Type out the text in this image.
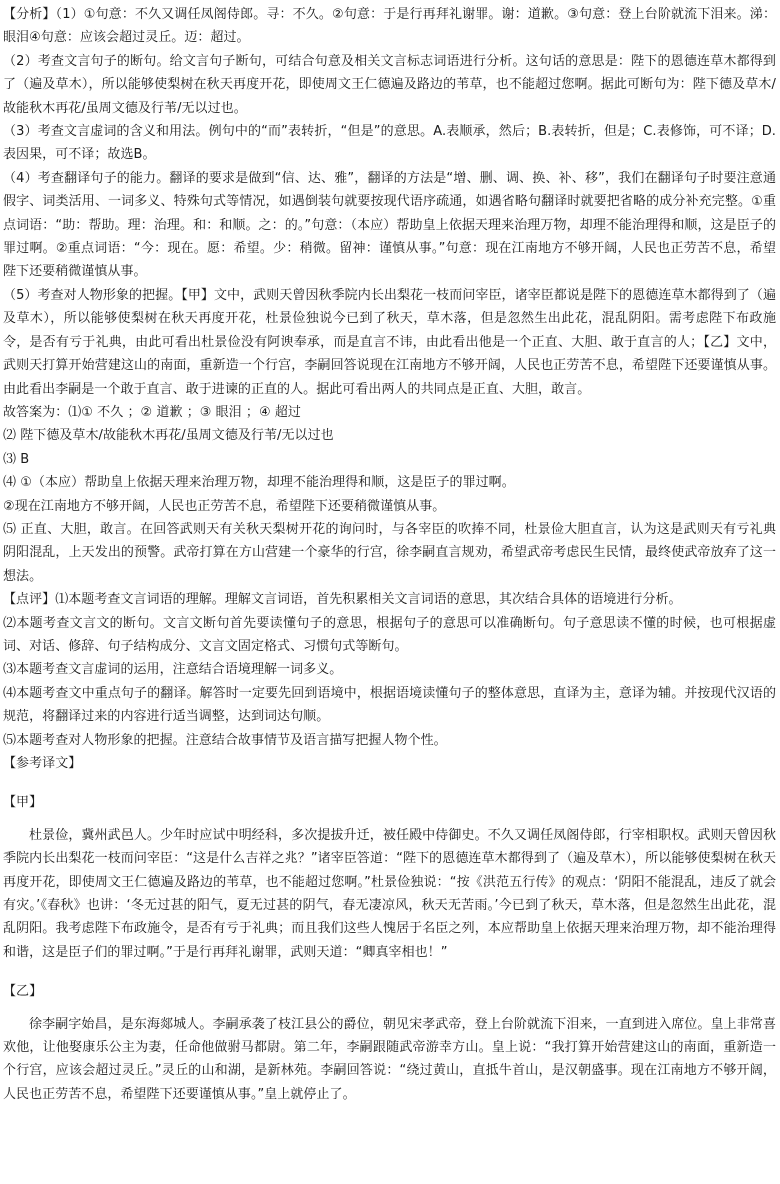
【分析】（1）①句意：不久又调任凤阁侍郎。寻：不久。②句意：于是行再拜礼谢罪。谢：道歉。③句意：登上台阶就流下泪来。涕：眼泪④句意：应该会超过灵丘。迈：超过。

（2）考查文言句子的断句。给文言句子断句，可结合句意及相关文言标志词语进行分析。这句话的意思是：陛下的恩德连草木都得到了（遍及草木），所以能够使梨树在秋天再度开花，即使周文王仁德遍及路边的苇草，也不能超过您啊。据此可断句为：陛下德及草木/故能秋木再花/虽周文德及行苇/无以过也。

（3）考查文言虚词的含义和用法。例句中的“而”表转折，“但是”的意思。A.表顺承，然后；B.表转折，但是；C.表修饰，可不译；D.表因果，可不译；故选B。

（4）考查翻译句子的能力。翻译的要求是做到“信、达、雅”，翻译的方法是“增、删、调、换、补、移”，我们在翻译句子时要注意通假字、词类活用、一词多义、特殊句式等情况，如遇倒装句就要按现代语序疏通，如遇省略句翻译时就要把省略的成分补充完整。①重点词语：“助：帮助。理：治理。和：和顺。之：的。”句意：（本应）帮助皇上依据天理来治理万物，却理不能治理得和顺，这是臣子的罪过啊。②重点词语：“今：现在。愿：希望。少：稍微。留神：谨慎从事。”句意：现在江南地方不够开阔，人民也正劳苦不息，希望陛下还要稍微谨慎从事。

（5）考查对人物形象的把握。【甲】文中，武则天曾因秋季院内长出梨花一枝而问宰臣，诸宰臣都说是陛下的恩德连草木都得到了（遍及草木），所以能够使梨树在秋天再度开花，杜景俭独说今已到了秋天，草木落，但是忽然生出此花，混乱阴阳。需考虑陛下布政施令，是否有亏于礼典，由此可看出杜景俭没有阿谀奉承，而是直言不讳，由此看出他是一个正直、大胆、敢于直言的人；【乙】文中，武则天打算开始营建这山的南面，重新造一个行宫，李嗣回答说现在江南地方不够开阔，人民也正劳苦不息，希望陛下还要谨慎从事。由此看出李嗣是一个敢于直言、敢于进谏的正直的人。据此可看出两人的共同点是正直、大胆，敢言。

故答案为：⑴① 不久 ；② 道歉 ；③ 眼泪 ；④ 超过

⑵ 陛下德及草木/故能秋木再花/虽周文德及行苇/无以过也

⑶ B

⑷ ①（本应）帮助皇上依据天理来治理万物，却理不能治理得和顺，这是臣子的罪过啊。

②现在江南地方不够开阔，人民也正劳苦不息，希望陛下还要稍微谨慎从事。

⑸ 正直、大胆，敢言。在回答武则天有关秋天梨树开花的询问时，与各宰臣的吹捧不同，杜景俭大胆直言，认为这是武则天有亏礼典阴阳混乱，上天发出的预警。武帝打算在方山营建一个豪华的行宫，徐李嗣直言规劝，希望武帝考虑民生民情，最终使武帝放弃了这一想法。

【点评】⑴本题考查文言词语的理解。理解文言词语，首先积累相关文言词语的意思，其次结合具体的语境进行分析。

⑵本题考查文言文的断句。文言文断句首先要读懂句子的意思，根据句子的意思可以准确断句。句子意思读不懂的时候，也可根据虚词、对话、修辞、句子结构成分、文言文固定格式、习惯句式等断句。

⑶本题考查文言虚词的运用，注意结合语境理解一词多义。

⑷本题考查文中重点句子的翻译。解答时一定要先回到语境中，根据语境读懂句子的整体意思，直译为主，意译为辅。并按现代汉语的规范，将翻译过来的内容进行适当调整，达到词达句顺。

⑸本题考查对人物形象的把握。注意结合故事情节及语言描写把握人物个性。

【参考译文】

【甲】

杜景俭，冀州武邑人。少年时应试中明经科，多次提拔升迁，被任殿中侍御史。不久又调任凤阁侍郎，行宰相职权。武则天曾因秋季院内长出梨花一枝而问宰臣：“这是什么吉祥之兆？”诸宰臣答道：“陛下的恩德连草木都得到了（遍及草木），所以能够使梨树在秋天再度开花，即使周文王仁德遍及路边的苇草，也不能超过您啊。”杜景俭独说：“按《洪范五行传》的观点：‘阴阳不能混乱，违反了就会有灾。’《春秋》也讲：‘冬无过甚的阳气，夏无过甚的阴气，春无凄凉风，秋天无苦雨。’今已到了秋天，草木落，但是忽然生出此花，混乱阴阳。我考虑陛下布政施令，是否有亏于礼典；而且我们这些人愧居于名臣之列，本应帮助皇上依据天理来治理万物，却不能治理得和谐，这是臣子们的罪过啊。”于是行再拜礼谢罪，武则天道：“卿真宰相也！”

【乙】

徐李嗣字始昌，是东海郯城人。李嗣承袭了枝江县公的爵位，朝见宋孝武帝，登上台阶就流下泪来，一直到进入席位。皇上非常喜欢他，让他娶康乐公主为妻，任命他做驸马都尉。第二年，李嗣跟随武帝游幸方山。皇上说：“我打算开始营建这山的南面，重新造一个行宫，应该会超过灵丘。”灵丘的山和湖，是新林苑。李嗣回答说：“绕过黄山，直抵牛首山，是汉朝盛事。现在江南地方不够开阔，人民也正劳苦不息，希望陛下还要谨慎从事。”皇上就停止了。
